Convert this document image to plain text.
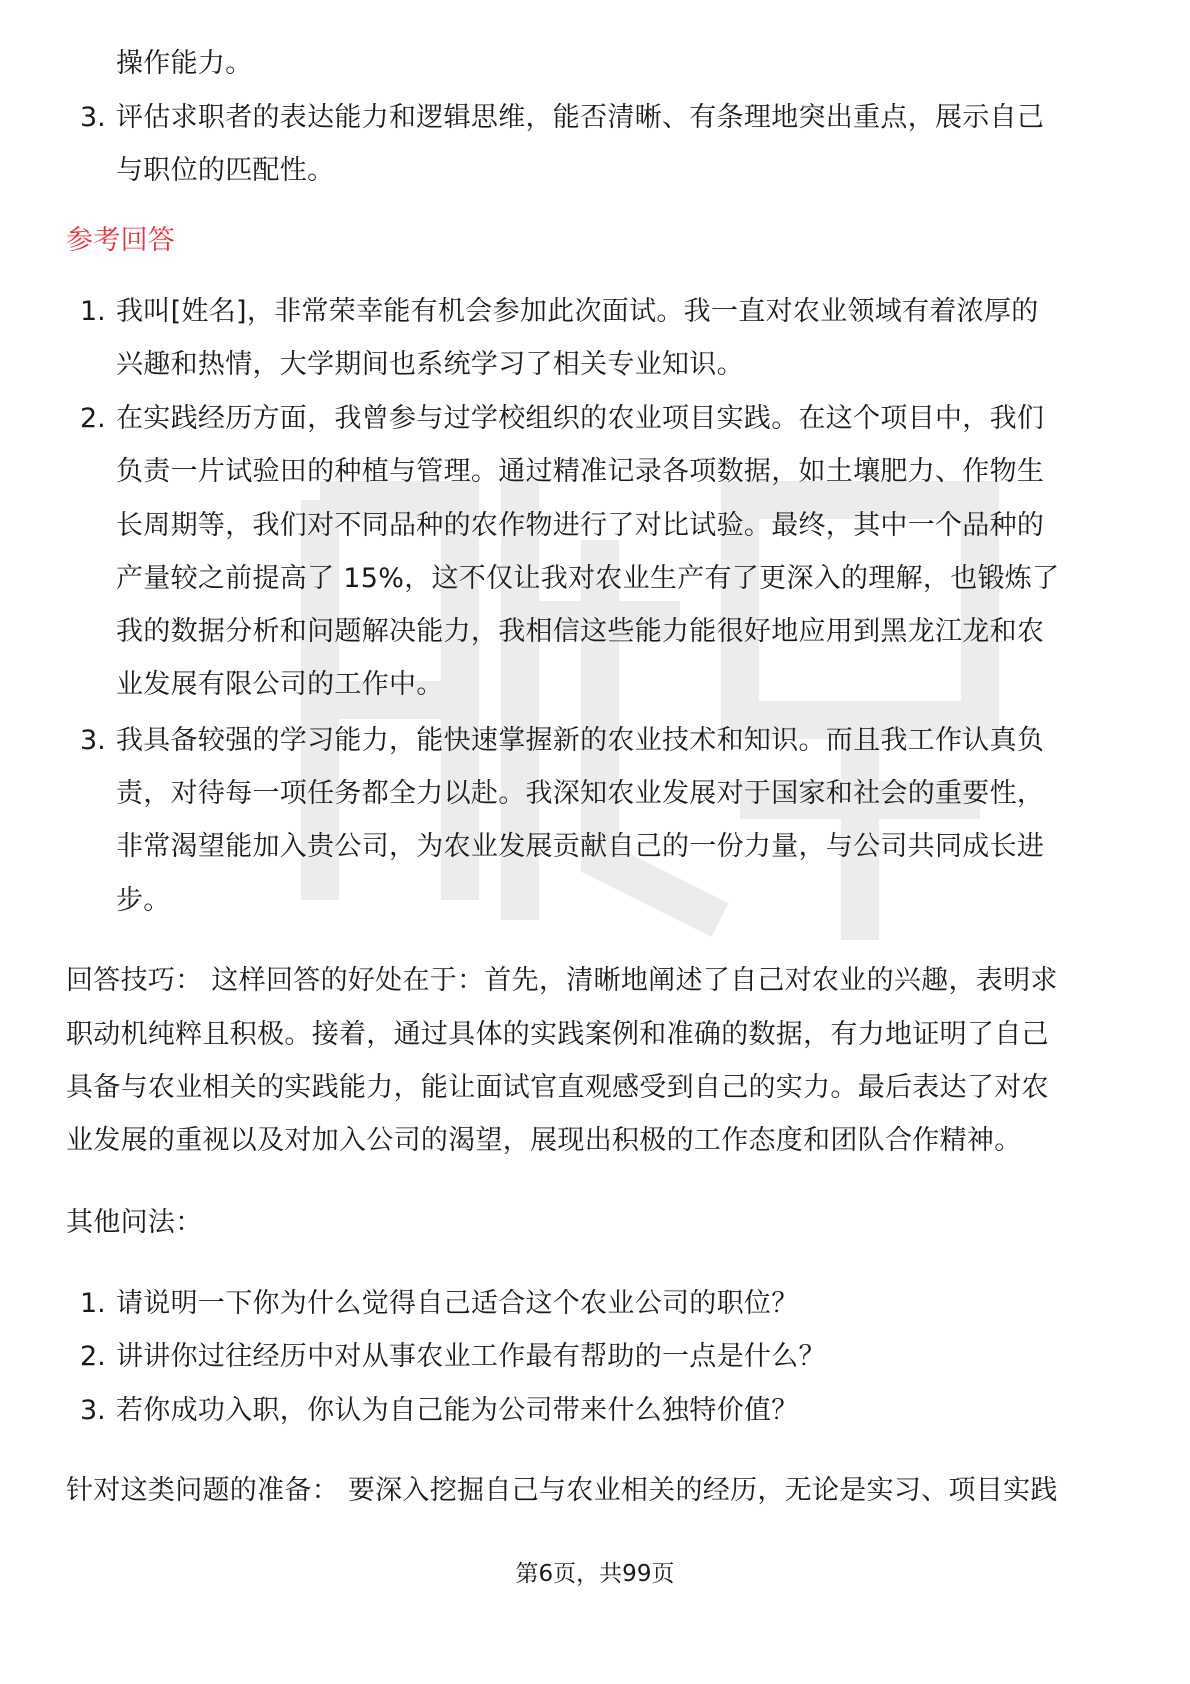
操作能力。
3. 评估求职者的表达能力和逻辑思维，能否清晰、有条理地突出重点，展示自己
与职位的匹配性。
参考回答
1. 我叫[姓名]，非常荣幸能有机会参加此次面试。我一直对农业领域有着浓厚的
兴趣和热情，大学期间也系统学习了相关专业知识。
2. 在实践经历方面，我曾参与过学校组织的农业项目实践。在这个项目中，我们
负责一片试验田的种植与管理。通过精准记录各项数据，如土壤肥力、作物生
长周期等，我们对不同品种的农作物进行了对比试验。最终，其中一个品种的
产量较之前提高了 15%，这不仅让我对农业生产有了更深入的理解，也锻炼了
我的数据分析和问题解决能力，我相信这些能力能很好地应用到黑龙江龙和农
业发展有限公司的工作中。
3. 我具备较强的学习能力，能快速掌握新的农业技术和知识。而且我工作认真负
责，对待每一项任务都全力以赴。我深知农业发展对于国家和社会的重要性，
非常渴望能加入贵公司，为农业发展贡献自己的一份力量，与公司共同成长进
步。
回答技巧： 这样回答的好处在于：首先，清晰地阐述了自己对农业的兴趣，表明求
职动机纯粹且积极。接着，通过具体的实践案例和准确的数据，有力地证明了自己
具备与农业相关的实践能力，能让面试官直观感受到自己的实力。最后表达了对农
业发展的重视以及对加入公司的渴望，展现出积极的工作态度和团队合作精神。
其他问法：
1. 请说明一下你为什么觉得自己适合这个农业公司的职位？
2. 讲讲你过往经历中对从事农业工作最有帮助的一点是什么？
3. 若你成功入职，你认为自己能为公司带来什么独特价值？
针对这类问题的准备： 要深入挖掘自己与农业相关的经历，无论是实习、项目实践
第6页，共99页
